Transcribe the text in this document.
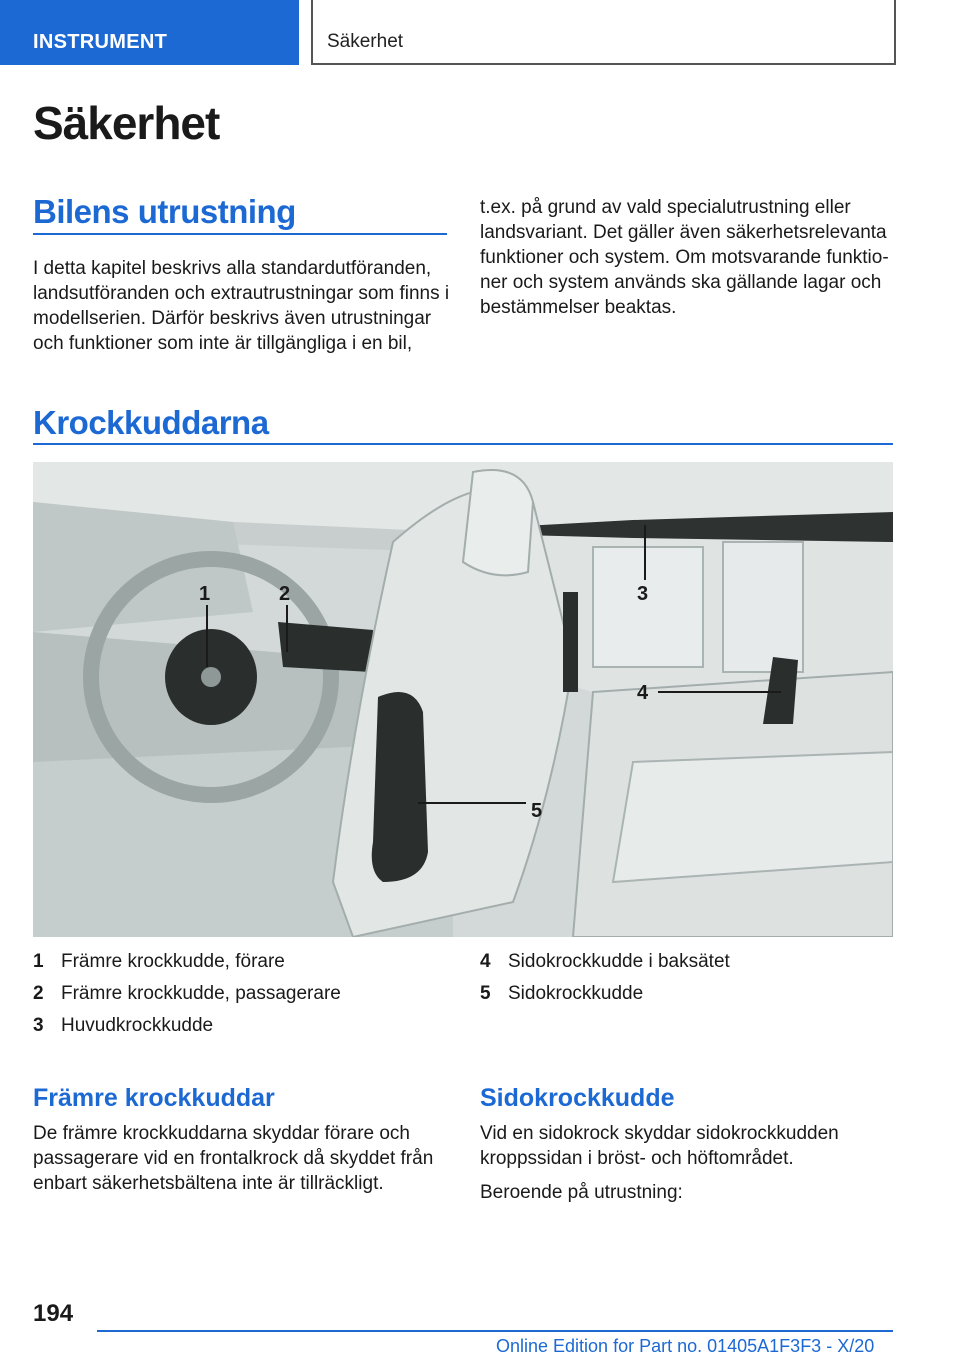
INSTRUMENT	Säkerhet
Säkerhet
Bilens utrustning

I detta kapitel beskrivs alla standardutföranden, landsutföranden och extrautrustningar som finns i modellserien. Därför beskrivs även utrustningar och funktioner som inte är tillgängliga i en bil,

t.ex. på grund av vald specialutrustning eller landsvariant. Det gäller även säkerhetsrelevanta funktioner och system. Om motsvarande funktioner och system används ska gällande lagar och bestämmelser beaktas.

Krockkuddarna
1	2	3
4
5
1 Främre krockkudde, förare
2 Främre krockkudde, passagerare
3 Huvudkrockkudde
4 Sidokrockkudde i baksätet
5 Sidokrockkudde
Främre krockkuddar

De främre krockkuddarna skyddar förare och passagerare vid en frontalkrock då skyddet från enbart säkerhetsbältena inte är tillräckligt.

Sidokrockkudde

Vid en sidokrock skyddar sidokrockkudden kroppssidan i bröst- och höftområdet.

Beroende på utrustning:

194
Online Edition for Part no. 01405A1F3F3 - X/20
